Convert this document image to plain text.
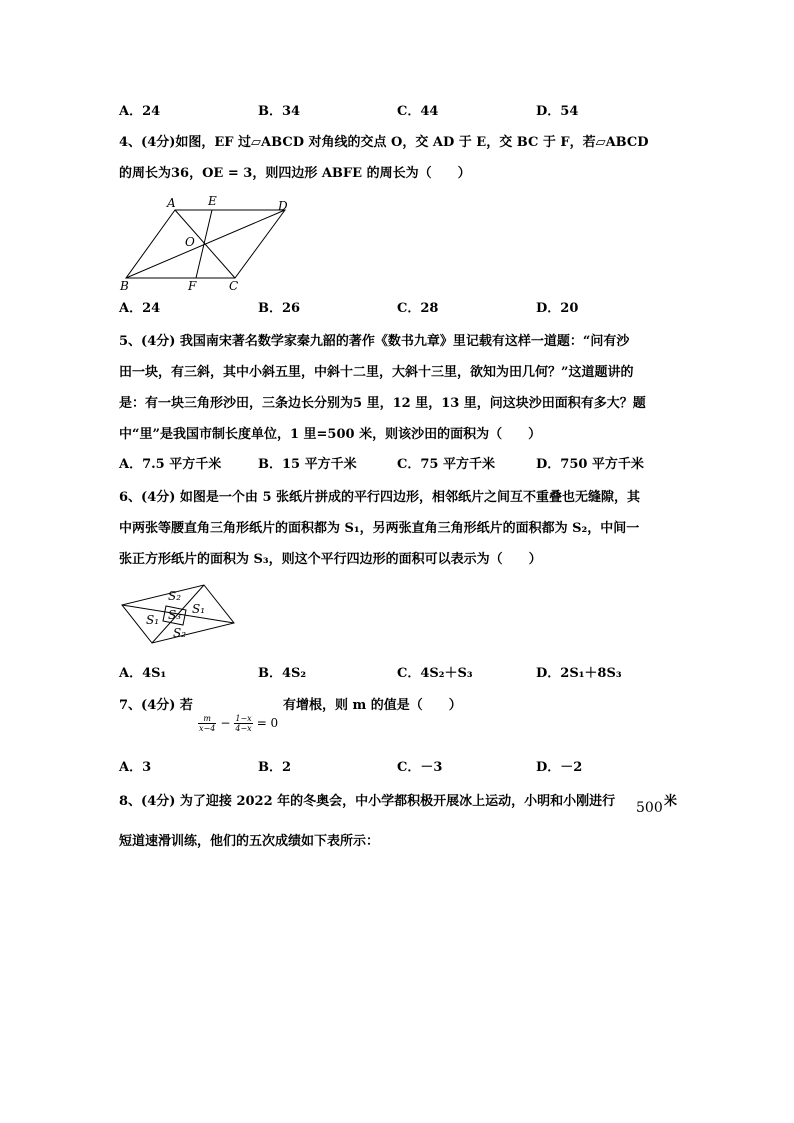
A．24	B．34	C．44	D．54
4、(4分)如图，EF 过▱ABCD 对角线的交点 O，交 AD 于 E，交 BC 于 F，若▱ABCD
的周长为36，OE = 3，则四边形 ABFE 的周长为（　　）
A	E	D
O
B	F	C
A．24	B．26	C．28	D．20
5、(4分) 我国南宋著名数学家秦九韶的著作《数书九章》里记载有这样一道题：“问有沙
田一块，有三斜，其中小斜五里，中斜十二里，大斜十三里，欲知为田几何？”这道题讲的
是：有一块三角形沙田，三条边长分别为5 里，12 里，13 里，问这块沙田面积有多大？题
中“里”是我国市制长度单位，1 里=500 米，则该沙田的面积为（　　）
A．7.5 平方千米	B．15 平方千米	C．75 平方千米	D．750 平方千米
6、(4分) 如图是一个由 5 张纸片拼成的平行四边形，相邻纸片之间互不重叠也无缝隙，其
中两张等腰直角三角形纸片的面积都为 S₁，另两张直角三角形纸片的面积都为 S₂，中间一
张正方形纸片的面积为 S₃，则这个平行四边形的面积可以表示为（　　）
S₂
S₃
S₁
S₁
S₂
A．4S₁	B．4S₂	C．4S₂＋S₃	D．2S₁＋8S₃
7、(4分) 若
$\frac{m}{x-4} - \frac{1-x}{4-x} = 0$
有增根，则 m 的值是（　　）
A．3	B．2	C．－3	D．－2
8、(4分) 为了迎接 2022 年的冬奥会，中小学都积极开展冰上运动，小明和小刚进行 500 米
短道速滑训练，他们的五次成绩如下表所示：
